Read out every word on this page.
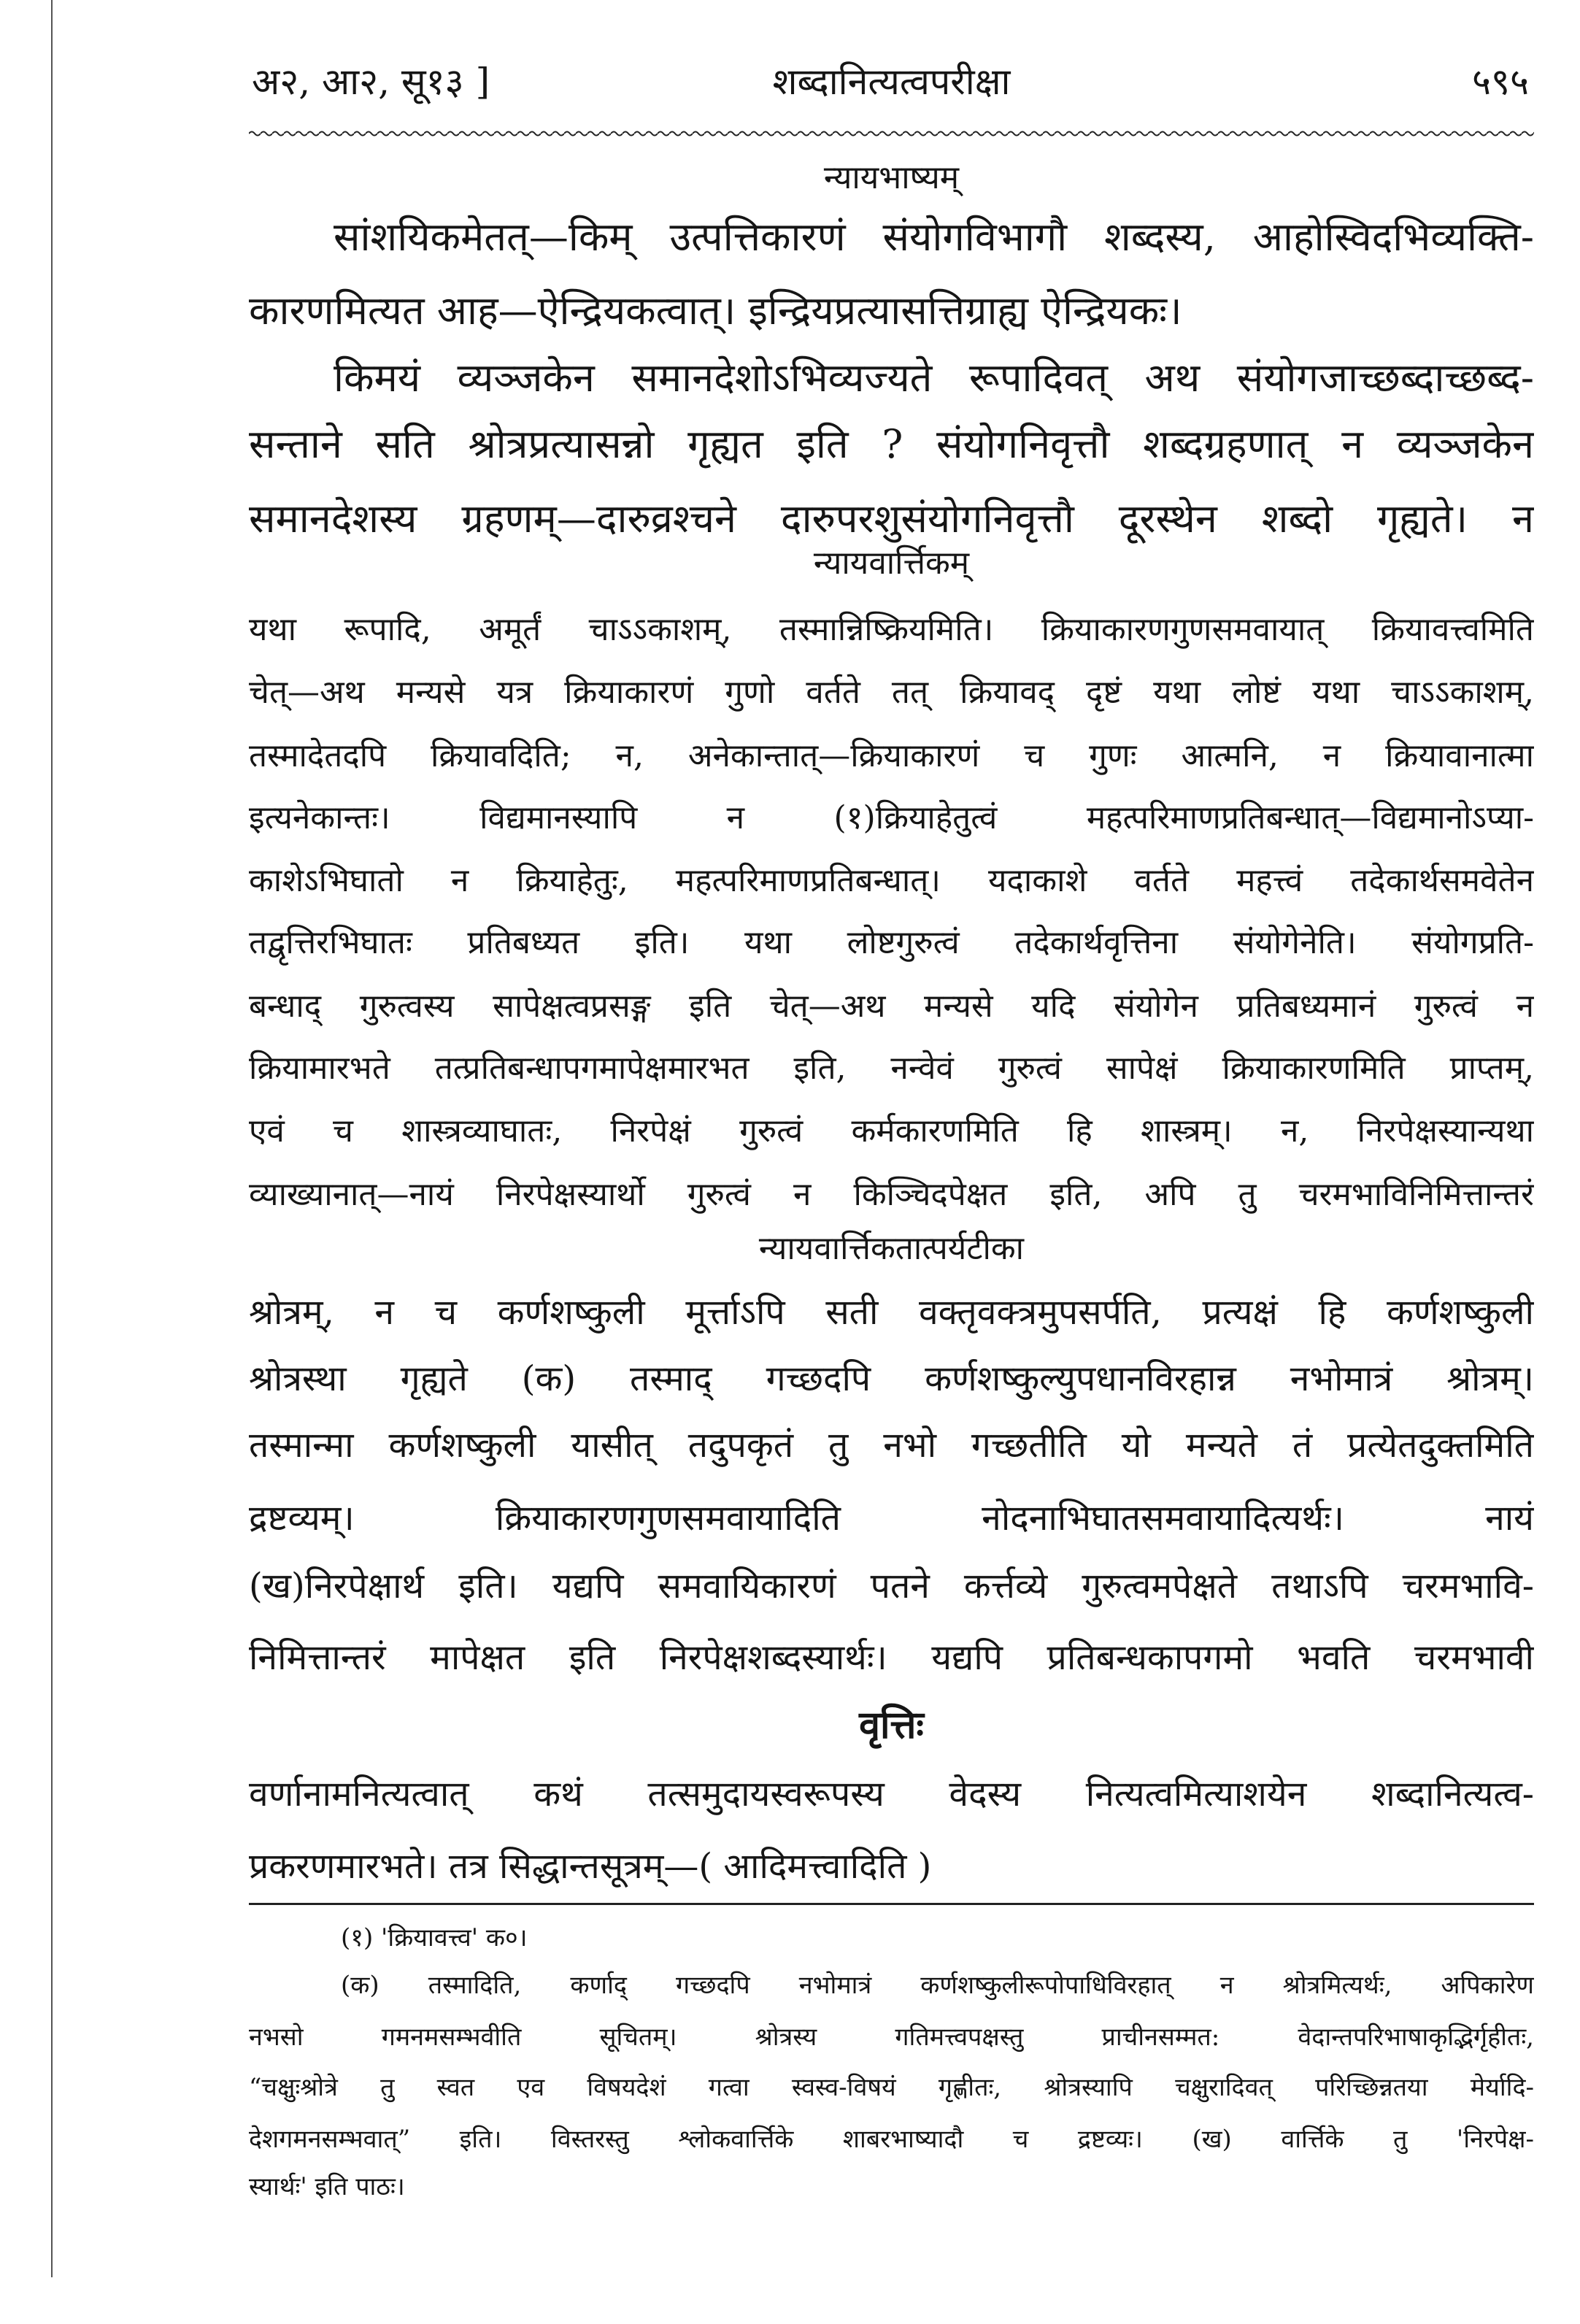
अ२, आ२, सू१३ ]	शब्दानित्यत्वपरीक्षा	५९५
न्यायभाष्यम्
सांशयिकमेतत्—किम् उत्पत्तिकारणं संयोगविभागौ शब्दस्य, आहोस्विदभिव्यक्ति-
कारणमित्यत आह—ऐन्द्रियकत्वात्। इन्द्रियप्रत्यासत्तिग्राह्य ऐन्द्रियकः।
किमयं व्यञ्जकेन समानदेशोऽभिव्यज्यते रूपादिवत् अथ संयोगजाच्छब्दाच्छब्द-
सन्ताने सति श्रोत्रप्रत्यासन्नो गृह्यत इति ? संयोगनिवृत्तौ शब्दग्रहणात् न व्यञ्जकेन
समानदेशस्य ग्रहणम्—दारुव्रश्चने दारुपरशुसंयोगनिवृत्तौ दूरस्थेन शब्दो गृह्यते। न
न्यायवार्त्तिकम्
यथा रूपादि, अमूर्तं चाऽऽकाशम्, तस्मान्निष्क्रियमिति। क्रियाकारणगुणसमवायात् क्रियावत्त्वमिति
चेत्—अथ मन्यसे यत्र क्रियाकारणं गुणो वर्तते तत् क्रियावद् दृष्टं यथा लोष्टं यथा चाऽऽकाशम्,
तस्मादेतदपि क्रियावदिति; न, अनेकान्तात्—क्रियाकारणं च गुणः आत्मनि, न क्रियावानात्मा
इत्यनेकान्तः। विद्यमानस्यापि न (१)क्रियाहेतुत्वं महत्परिमाणप्रतिबन्धात्—विद्यमानोऽप्या-
काशेऽभिघातो न क्रियाहेतुः, महत्परिमाणप्रतिबन्धात्। यदाकाशे वर्तते महत्त्वं तदेकार्थसमवेतेन
तद्वृत्तिरभिघातः प्रतिबध्यत इति। यथा लोष्टगुरुत्वं तदेकार्थवृत्तिना संयोगेनेति। संयोगप्रति-
बन्धाद् गुरुत्वस्य सापेक्षत्वप्रसङ्ग इति चेत्—अथ मन्यसे यदि संयोगेन प्रतिबध्यमानं गुरुत्वं न
क्रियामारभते तत्प्रतिबन्धापगमापेक्षमारभत इति, नन्वेवं गुरुत्वं सापेक्षं क्रियाकारणमिति प्राप्तम्,
एवं च शास्त्रव्याघातः, निरपेक्षं गुरुत्वं कर्मकारणमिति हि शास्त्रम्। न, निरपेक्षस्यान्यथा
व्याख्यानात्—नायं निरपेक्षस्यार्थो गुरुत्वं न किञ्चिदपेक्षत इति, अपि तु चरमभाविनिमित्तान्तरं
न्यायवार्त्तिकतात्पर्यटीका
श्रोत्रम्, न च कर्णशष्कुली मूर्त्ताऽपि सती वक्तृवक्त्रमुपसर्पति, प्रत्यक्षं हि कर्णशष्कुली
श्रोत्रस्था गृह्यते (क) तस्माद् गच्छदपि कर्णशष्कुल्युपधानविरहान्न नभोमात्रं श्रोत्रम्।
तस्मान्मा कर्णशष्कुली यासीत् तदुपकृतं तु नभो गच्छतीति यो मन्यते तं प्रत्येतदुक्तमिति
द्रष्टव्यम्। क्रियाकारणगुणसमवायादिति नोदनाभिघातसमवायादित्यर्थः। नायं
(ख)निरपेक्षार्थ इति। यद्यपि समवायिकारणं पतने कर्त्तव्ये गुरुत्वमपेक्षते तथाऽपि चरमभावि-
निमित्तान्तरं मापेक्षत इति निरपेक्षशब्दस्यार्थः। यद्यपि प्रतिबन्धकापगमो भवति चरमभावी
वृत्तिः
वर्णानामनित्यत्वात् कथं तत्समुदायस्वरूपस्य वेदस्य नित्यत्वमित्याशयेन शब्दानित्यत्व-
प्रकरणमारभते। तत्र सिद्धान्तसूत्रम्—( आदिमत्त्वादिति )
(१) 'क्रियावत्त्व' क०।
(क) तस्मादिति, कर्णाद् गच्छदपि नभोमात्रं कर्णशष्कुलीरूपोपाधिविरहात् न श्रोत्रमित्यर्थः, अपिकारेण
नभसो गमनमसम्भवीति सूचितम्। श्रोत्रस्य गतिमत्त्वपक्षस्तु प्राचीनसम्मत: वेदान्तपरिभाषाकृद्भिर्गृहीतः,
“चक्षुःश्रोत्रे तु स्वत एव विषयदेशं गत्वा स्वस्व-विषयं गृह्णीतः, श्रोत्रस्यापि चक्षुरादिवत् परिच्छिन्नतया मेर्यादि-
देशगमनसम्भवात्” इति। विस्तरस्तु श्लोकवार्त्तिके शाबरभाष्यादौ च द्रष्टव्यः। (ख) वार्त्तिके तु 'निरपेक्ष-
स्यार्थः' इति पाठः।
